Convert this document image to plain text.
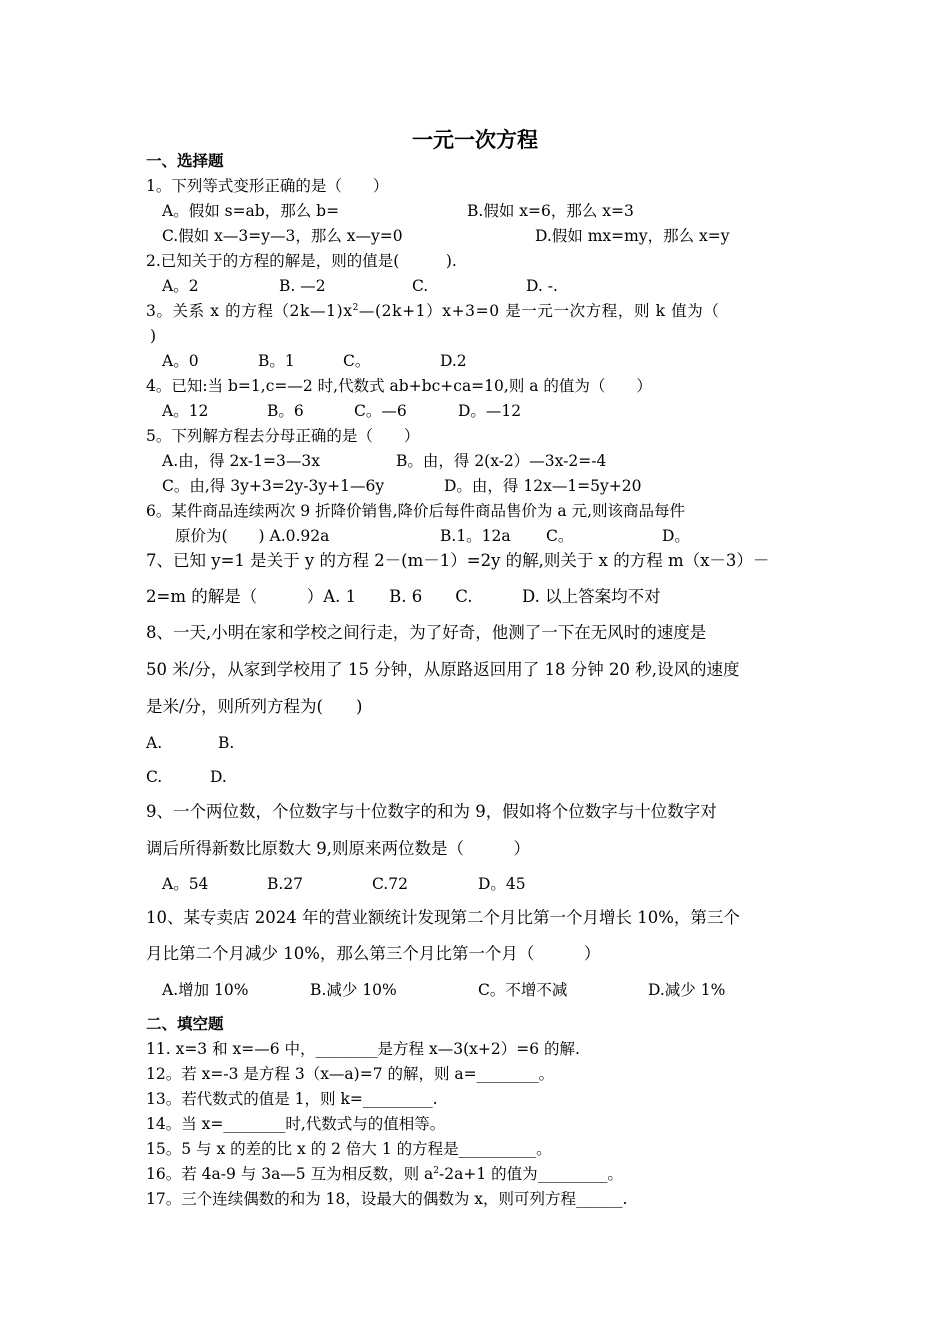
一元一次方程
一、选择题
1。下列等式变形正确的是（　　）
A。假如 s=ab，那么 b=	B.假如 x=6，那么 x=3
C.假如 x—3=y—3，那么 x—y=0	D.假如 mx=my，那么 x=y
2.已知关于的方程的解是，则的值是(　　　).
A。2	B. —2	C.	D. -.
3。关系 x 的方程$(2k—1)x^2—(2k+1)x+3=0$ 是一元一次方程，则 k 值为（
)
A。0	B。1	C。	D.2
4。已知:当 b=1,c=—2 时,代数式 ab+bc+ca=10,则 a 的值为（　　）
A。12	B。6	C。—6	D。—12
5。下列解方程去分母正确的是（　　）
A.由，得 2x-1=3—3x	B。由，得 2(x-2）—3x-2=-4
C。由,得 3y+3=2y-3y+1—6y	D。由，得 12x—1=5y+20
6。某件商品连续两次 9 折降价销售,降价后每件商品售价为 a 元,则该商品每件
原价为(　　) A.0.92a	B.1。12a C。	D。
7、已知 y=1 是关于 y 的方程 2－(m－1）=2y 的解,则关于 x 的方程 m（x－3）－
2=m 的解是（　　　）A. 1　　B. 6　　C.　　　D. 以上答案均不对
8、一天,小明在家和学校之间行走，为了好奇，他测了一下在无风时的速度是
50 米/分，从家到学校用了 15 分钟，从原路返回用了 18 分钟 20 秒,设风的速度
是米/分，则所列方程为(　　)
A.	B.
C.	D.
9、一个两位数，个位数字与十位数字的和为 9，假如将个位数字与十位数字对
调后所得新数比原数大 9,则原来两位数是（　　　）
A。54	B.27	C.72	D。45
10、某专卖店 2024 年的营业额统计发现第二个月比第一个月增长 10%，第三个
月比第二个月减少 10%，那么第三个月比第一个月（　　　）
A.增加 10%	B.减少 10%	C。不增不减	D.减少 1%
二、填空题
11. x=3 和 x=—6 中，________是方程 x—3(x+2）=6 的解.
12。若 x=-3 是方程 3（x—a)=7 的解，则 a=________。
13。若代数式的值是 1，则 k=_________.
14。当 x=________时,代数式与的值相等。
15。5 与 x 的差的比 x 的 2 倍大 1 的方程是__________。
16。若 4a-9 与 3a—5 互为相反数，则 $a^2-2a+1$ 的值为_________。
17。三个连续偶数的和为 18，设最大的偶数为 x，则可列方程______.
